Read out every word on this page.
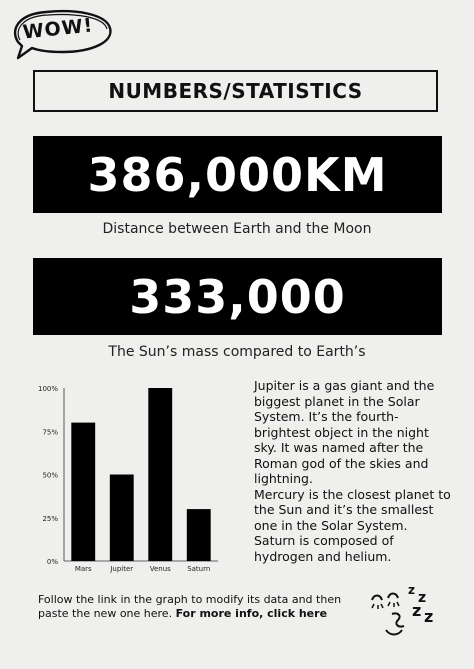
WOW!
NUMBERS/STATISTICS
386,000KM
Distance between Earth and the Moon
333,000
The Sun’s mass compared to Earth’s
0%
25%
50%
75%
100%
Mars	Jupiter Venus Saturn

Jupiter is a gas giant and the biggest planet in the Solar System. It’s the fourth-brightest object in the night sky. It was named after the Roman god of the skies and lightning.

Mercury is the closest planet to the Sun and it’s the smallest one in the Solar System.

Saturn is composed of hydrogen and helium.

Follow the link in the graph to modify its data and then paste the new one here. For more info, click here
z z
z z
